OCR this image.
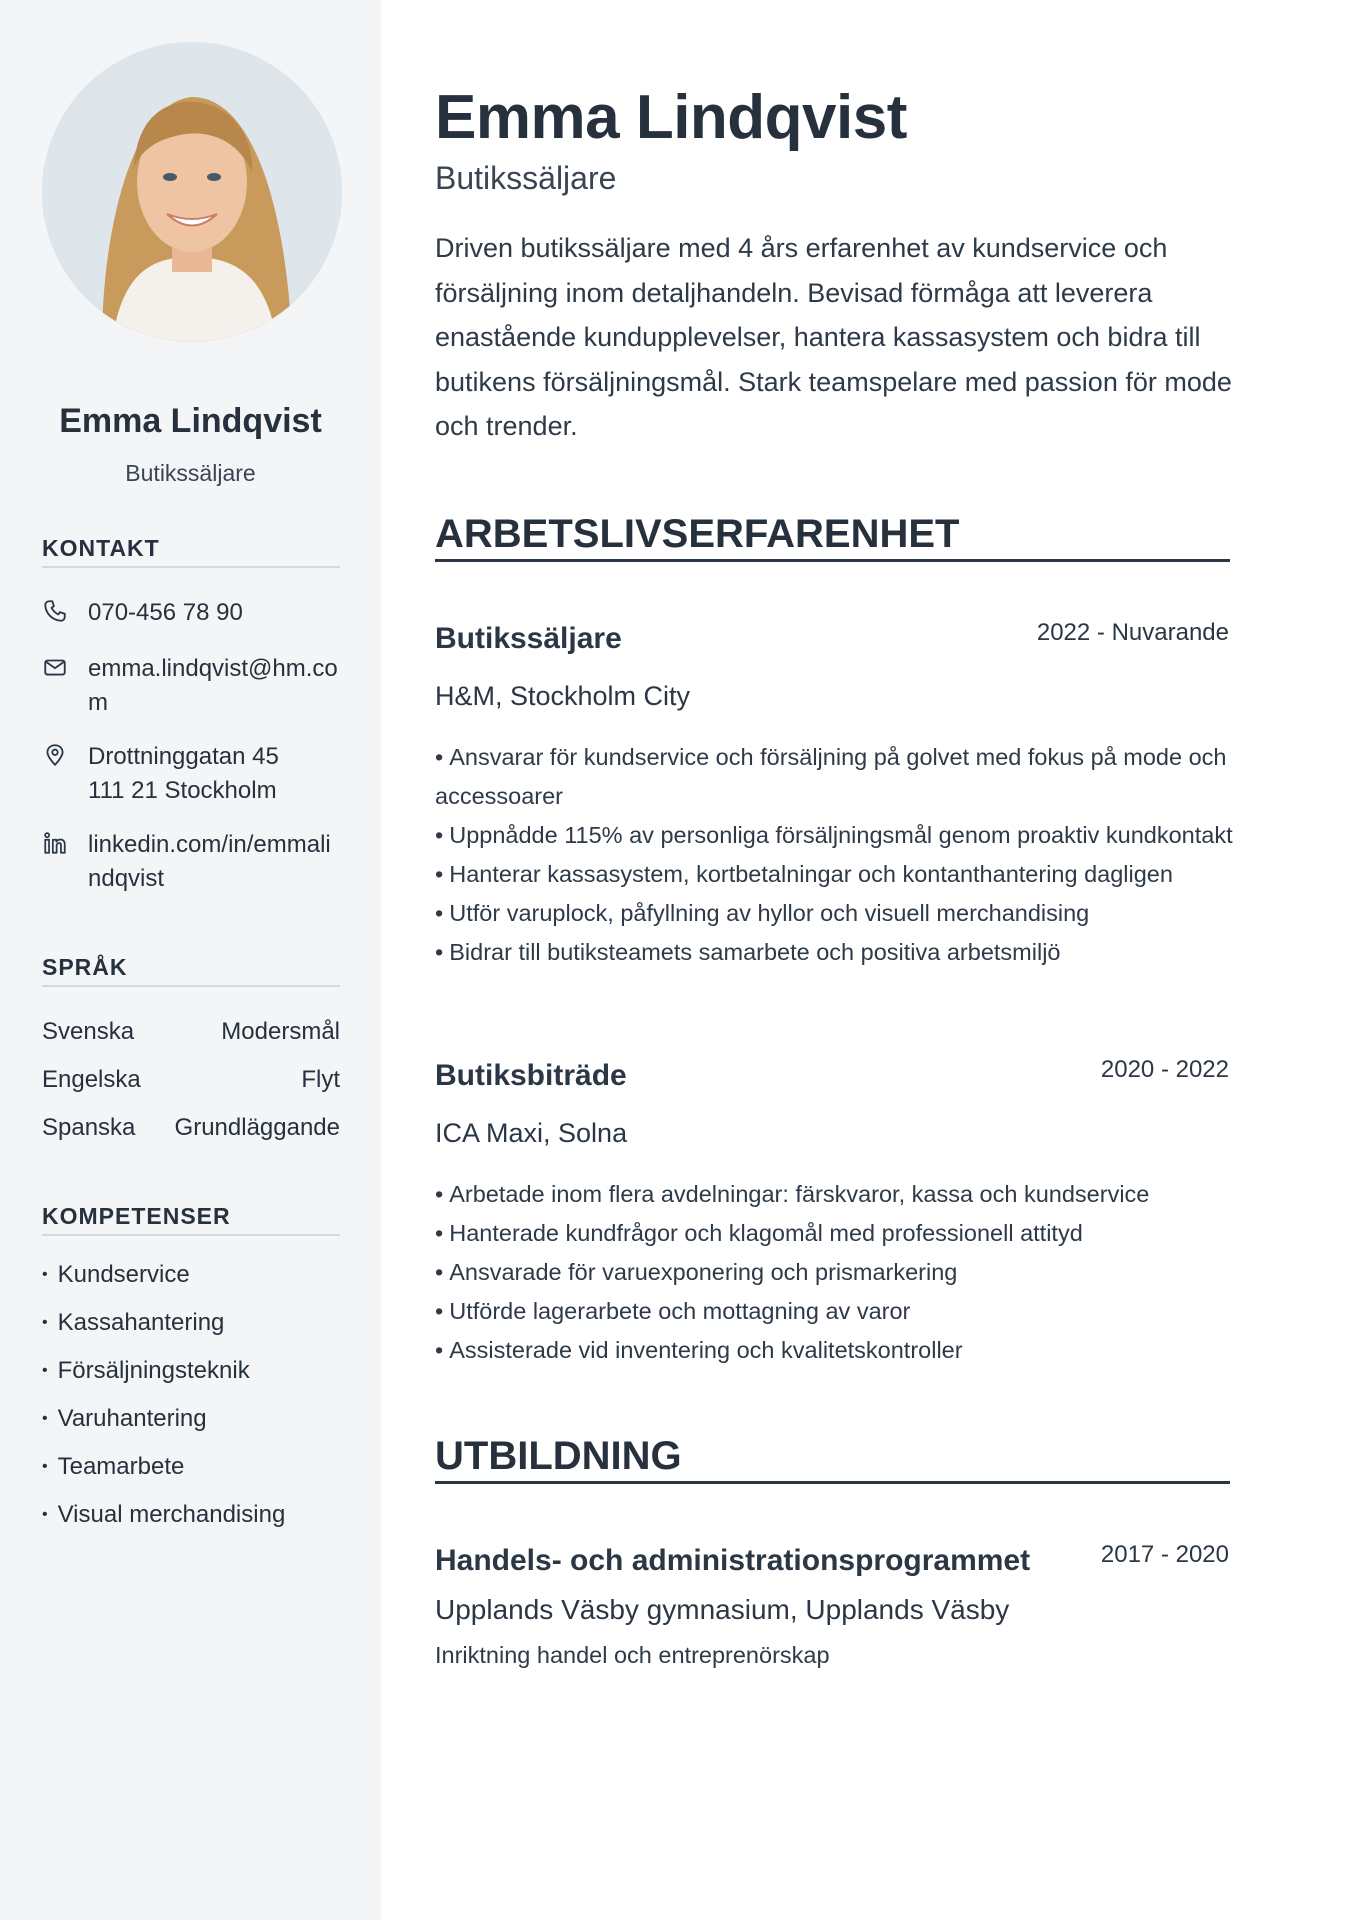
Emma Lindqvist
Butikssäljare
KONTAKT
070-456 78 90
emma.lindqvist@hm.com
Drottninggatan 45
111 21 Stockholm
linkedin.com/in/emmalindqvist
SPRÅK
Svenska	Modersmål
Engelska	Flyt
Spanska Grundläggande
KOMPETENSER
• Kundservice
• Kassahantering
• Försäljningsteknik
• Varuhantering
• Teamarbete
• Visual merchandising
Emma Lindqvist
Butikssäljare
Driven butikssäljare med 4 års erfarenhet av kundservice och försäljning inom detaljhandeln. Bevisad förmåga att leverera enastående kundupplevelser, hantera kassasystem och bidra till butikens försäljningsmål. Stark teamspelare med passion för mode och trender.
ARBETSLIVSERFARENHET
Butikssäljare	2022 - Nuvarande
H&M, Stockholm City
• Ansvarar för kundservice och försäljning på golvet med fokus på mode och accessoarer
• Uppnådde 115% av personliga försäljningsmål genom proaktiv kundkontakt
• Hanterar kassasystem, kortbetalningar och kontanthantering dagligen
• Utför varuplock, påfyllning av hyllor och visuell merchandising
• Bidrar till butiksteamets samarbete och positiva arbetsmiljö
Butiksbiträde	2020 - 2022
ICA Maxi, Solna
• Arbetade inom flera avdelningar: färskvaror, kassa och kundservice
• Hanterade kundfrågor och klagomål med professionell attityd
• Ansvarade för varuexponering och prismarkering
• Utförde lagerarbete och mottagning av varor
• Assisterade vid inventering och kvalitetskontroller
UTBILDNING
Handels- och administrationsprogrammet	2017 - 2020
Upplands Väsby gymnasium, Upplands Väsby
Inriktning handel och entreprenörskap
